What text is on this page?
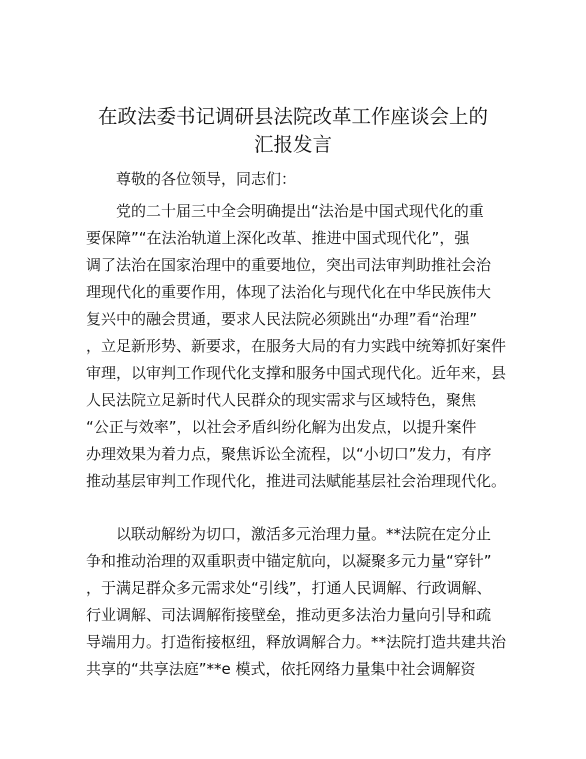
在政法委书记调研县法院改革工作座谈会上的
汇报发言

尊敬的各位领导，同志们：

党的二十届三中全会明确提出“法治是中国式现代化的重

要保障”“在法治轨道上深化改革、推进中国式现代化”，强

调了法治在国家治理中的重要地位，突出司法审判助推社会治

理现代化的重要作用，体现了法治化与现代化在中华民族伟大

复兴中的融会贯通，要求人民法院必须跳出“办理”看“治理”

，立足新形势、新要求，在服务大局的有力实践中统筹抓好案件

审理，以审判工作现代化支撑和服务中国式现代化。近年来，县

人民法院立足新时代人民群众的现实需求与区域特色，聚焦

“公正与效率”，以社会矛盾纠纷化解为出发点，以提升案件

办理效果为着力点，聚焦诉讼全流程，以“小切口”发力，有序

推动基层审判工作现代化，推进司法赋能基层社会治理现代化。

以联动解纷为切口，激活多元治理力量。**法院在定分止

争和推动治理的双重职责中锚定航向，以凝聚多元力量“穿针”

，于满足群众多元需求处“引线”，打通人民调解、行政调解、

行业调解、司法调解衔接壁垒，推动更多法治力量向引导和疏

导端用力。打造衔接枢纽，释放调解合力。**法院打造共建共治

共享的“共享法庭”**e 模式，依托网络力量集中社会调解资
